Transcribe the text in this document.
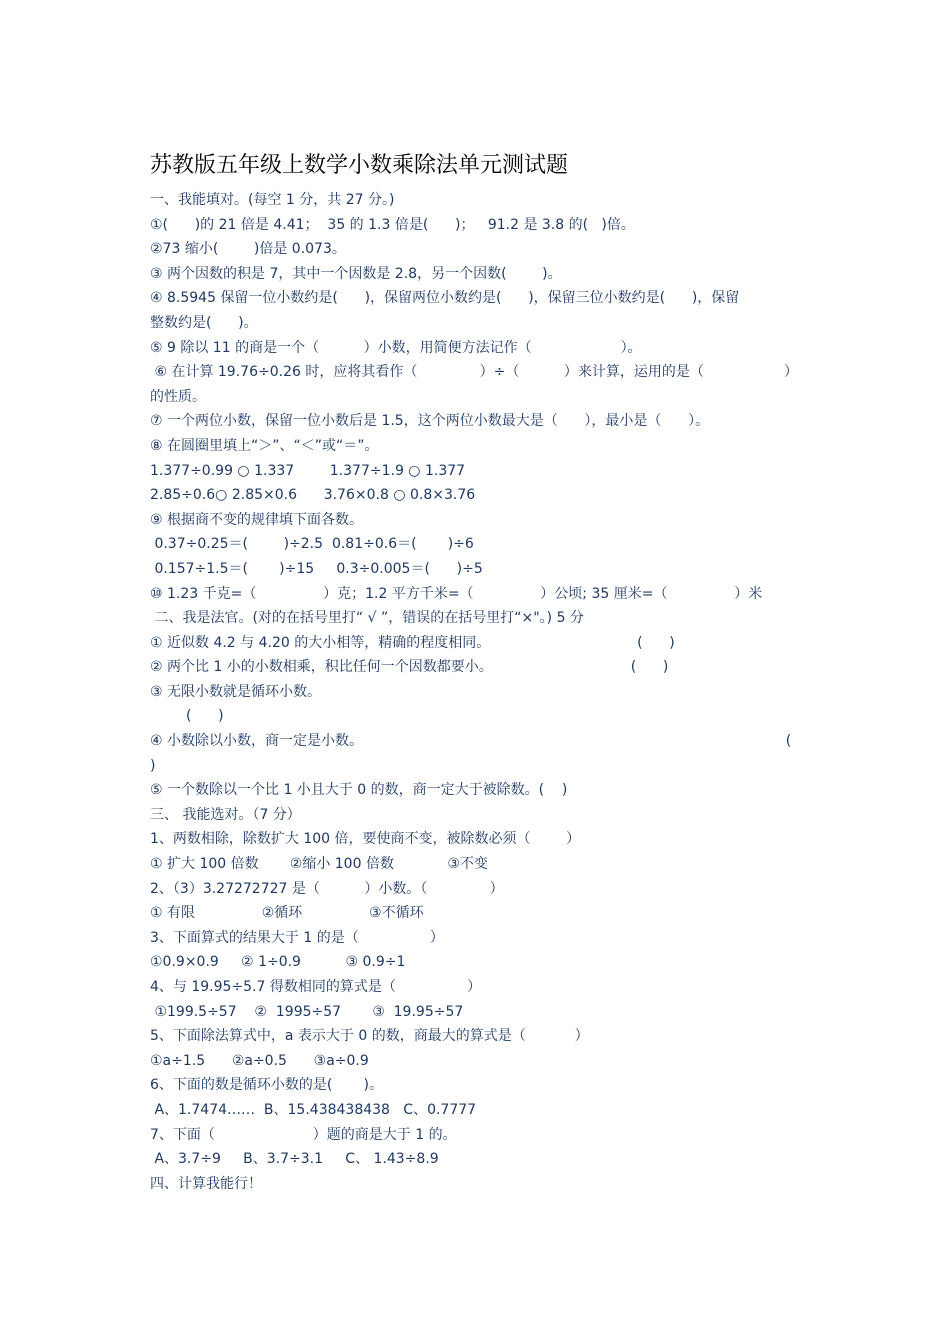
苏教版五年级上数学小数乘除法单元测试题
一、我能填对。(每空 1 分，共 27 分。)
①(      )的 21 倍是 4.41；  35 的 1.3 倍是(      )；   91.2 是 3.8 的(   )倍。
②73 缩小(        )倍是 0.073。
③ 两个因数的积是 7，其中一个因数是 2.8，另一个因数(        )。
④ 8.5945 保留一位小数约是(      )，保留两位小数约是(      )，保留三位小数约是(      )，保留
整数约是(      )。
⑤ 9 除以 11 的商是一个（          ）小数，用简便方法记作（                    ）。
⑥ 在计算 19.76÷0.26 时，应将其看作（              ）÷（          ）来计算，运用的是（                  ）
的性质。
⑦ 一个两位小数，保留一位小数后是 1.5，这个两位小数最大是（      ），最小是（      ）。
⑧ 在圆圈里填上“＞”、“＜”或“＝”。
1.377÷0.99 ○ 1.337        1.377÷1.9 ○ 1.377
2.85÷0.6○ 2.85×0.6      3.76×0.8 ○ 0.8×3.76
⑨ 根据商不变的规律填下面各数。
0.37÷0.25＝(        )÷2.5  0.81÷0.6＝(       )÷6
0.157÷1.5＝(       )÷15     0.3÷0.005＝(      )÷5
⑩ 1.23 千克=（               ）克；1.2 平方千米=（               ）公顷; 35 厘米=（               ）米
二、我是法官。(对的在括号里打“ √ ”，错误的在括号里打“×"。) 5 分
① 近似数 4.2 与 4.20 的大小相等，精确的程度相同。                                 (      )
② 两个比 1 小的小数相乘，积比任何一个因数都要小。                               (      )
③ 无限小数就是循环小数。
(      )
④ 小数除以小数，商一定是小数。                                                                                               (
)
⑤ 一个数除以一个比 1 小且大于 0 的数，商一定大于被除数。(    )
三、 我能选对。（7 分）
1、两数相除，除数扩大 100 倍，要使商不变，被除数必须（        ）
① 扩大 100 倍数       ②缩小 100 倍数            ③不变
2、（3）3.27272727 是（          ）小数。（              ）
① 有限               ②循环               ③不循环
3、下面算式的结果大于 1 的是（                ）
①0.9×0.9     ② 1÷0.9          ③ 0.9÷1
4、与 19.95÷5.7 得数相同的算式是（                ）
①199.5÷57    ②  1995÷57       ③  19.95÷57
5、下面除法算式中，a 表示大于 0 的数，商最大的算式是（           ）
①a÷1.5      ②a÷0.5      ③a÷0.9
6、下面的数是循环小数的是(       )。
A、1.7474……  B、15.438438438   C、0.7777
7、下面（                      ）题的商是大于 1 的。
A、3.7÷9     B、3.7÷3.1     C、 1.43÷8.9
四、计算我能行！
